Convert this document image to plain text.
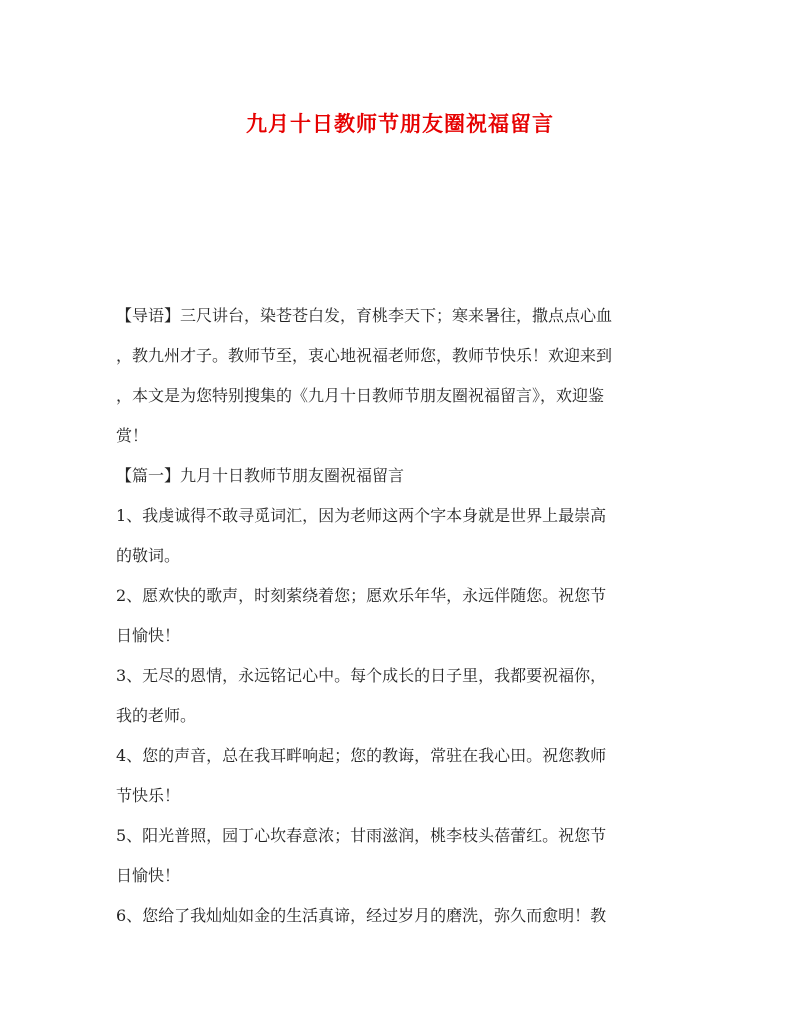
九月十日教师节朋友圈祝福留言
【导语】三尺讲台，染苍苍白发，育桃李天下；寒来暑往，撒点点心血
，教九州才子。教师节至，衷心地祝福老师您，教师节快乐！欢迎来到
，本文是为您特别搜集的《九月十日教师节朋友圈祝福留言》，欢迎鉴
赏！
【篇一】九月十日教师节朋友圈祝福留言
1、我虔诚得不敢寻觅词汇，因为老师这两个字本身就是世界上最崇高
的敬词。
2、愿欢快的歌声，时刻萦绕着您；愿欢乐年华，永远伴随您。祝您节
日愉快！
3、无尽的恩情，永远铭记心中。每个成长的日子里，我都要祝福你，
我的老师。
4、您的声音，总在我耳畔响起；您的教诲，常驻在我心田。祝您教师
节快乐！
5、阳光普照，园丁心坎春意浓；甘雨滋润，桃李枝头蓓蕾红。祝您节
日愉快！
6、您给了我灿灿如金的生活真谛，经过岁月的磨洗，弥久而愈明！教
